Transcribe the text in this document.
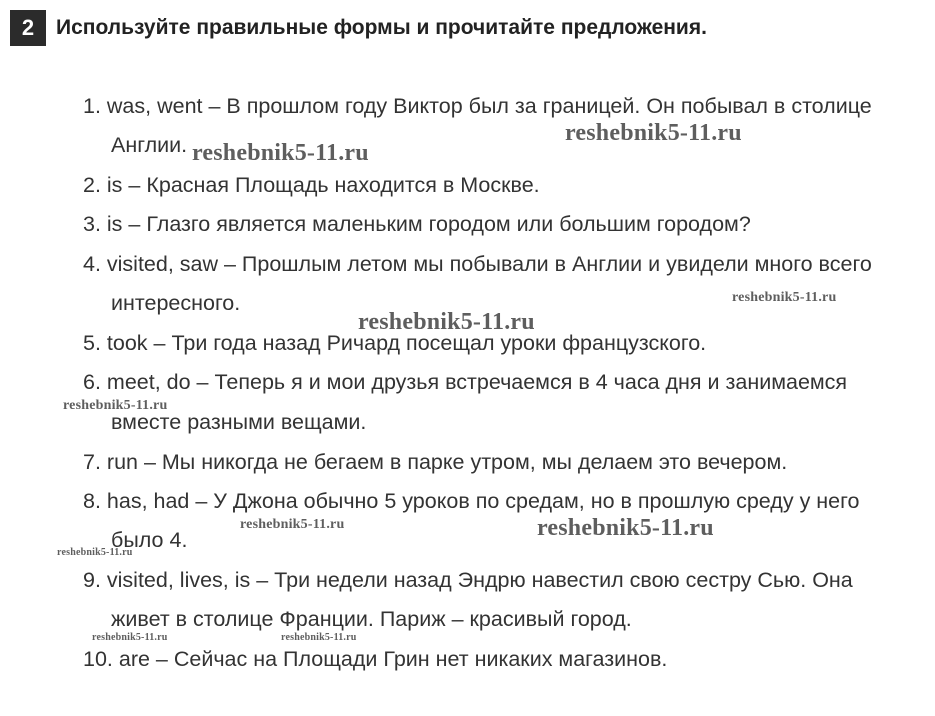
2	Используйте правильные формы и прочитайте предложения.
1. was, went – В прошлом году Виктор был за границей. Он побывал в столице
Англии.
2. is – Красная Площадь находится в Москве.
3. is – Глазго является маленьким городом или большим городом?
4. visited, saw – Прошлым летом мы побывали в Англии и увидели много всего
интересного.
5. took – Три года назад Ричард посещал уроки французского.
6. meet, do – Теперь я и мои друзья встречаемся в 4 часа дня и занимаемся
вместе разными вещами.
7. run – Мы никогда не бегаем в парке утром, мы делаем это вечером.
8. has, had – У Джона обычно 5 уроков по средам, но в прошлую среду у него
было 4.
9. visited, lives, is – Три недели назад Эндрю навестил свою сестру Сью. Она
живет в столице Франции. Париж – красивый город.
10. are – Сейчас на Площади Грин нет никаких магазинов.
reshebnik5-11.ru
reshebnik5-11.ru
reshebnik5-11.ru
reshebnik5-11.ru
reshebnik5-11.ru
reshebnik5-11.ru	reshebnik5-11.ru
reshebnik5-11.ru
reshebnik5-11.ru	reshebnik5-11.ru
